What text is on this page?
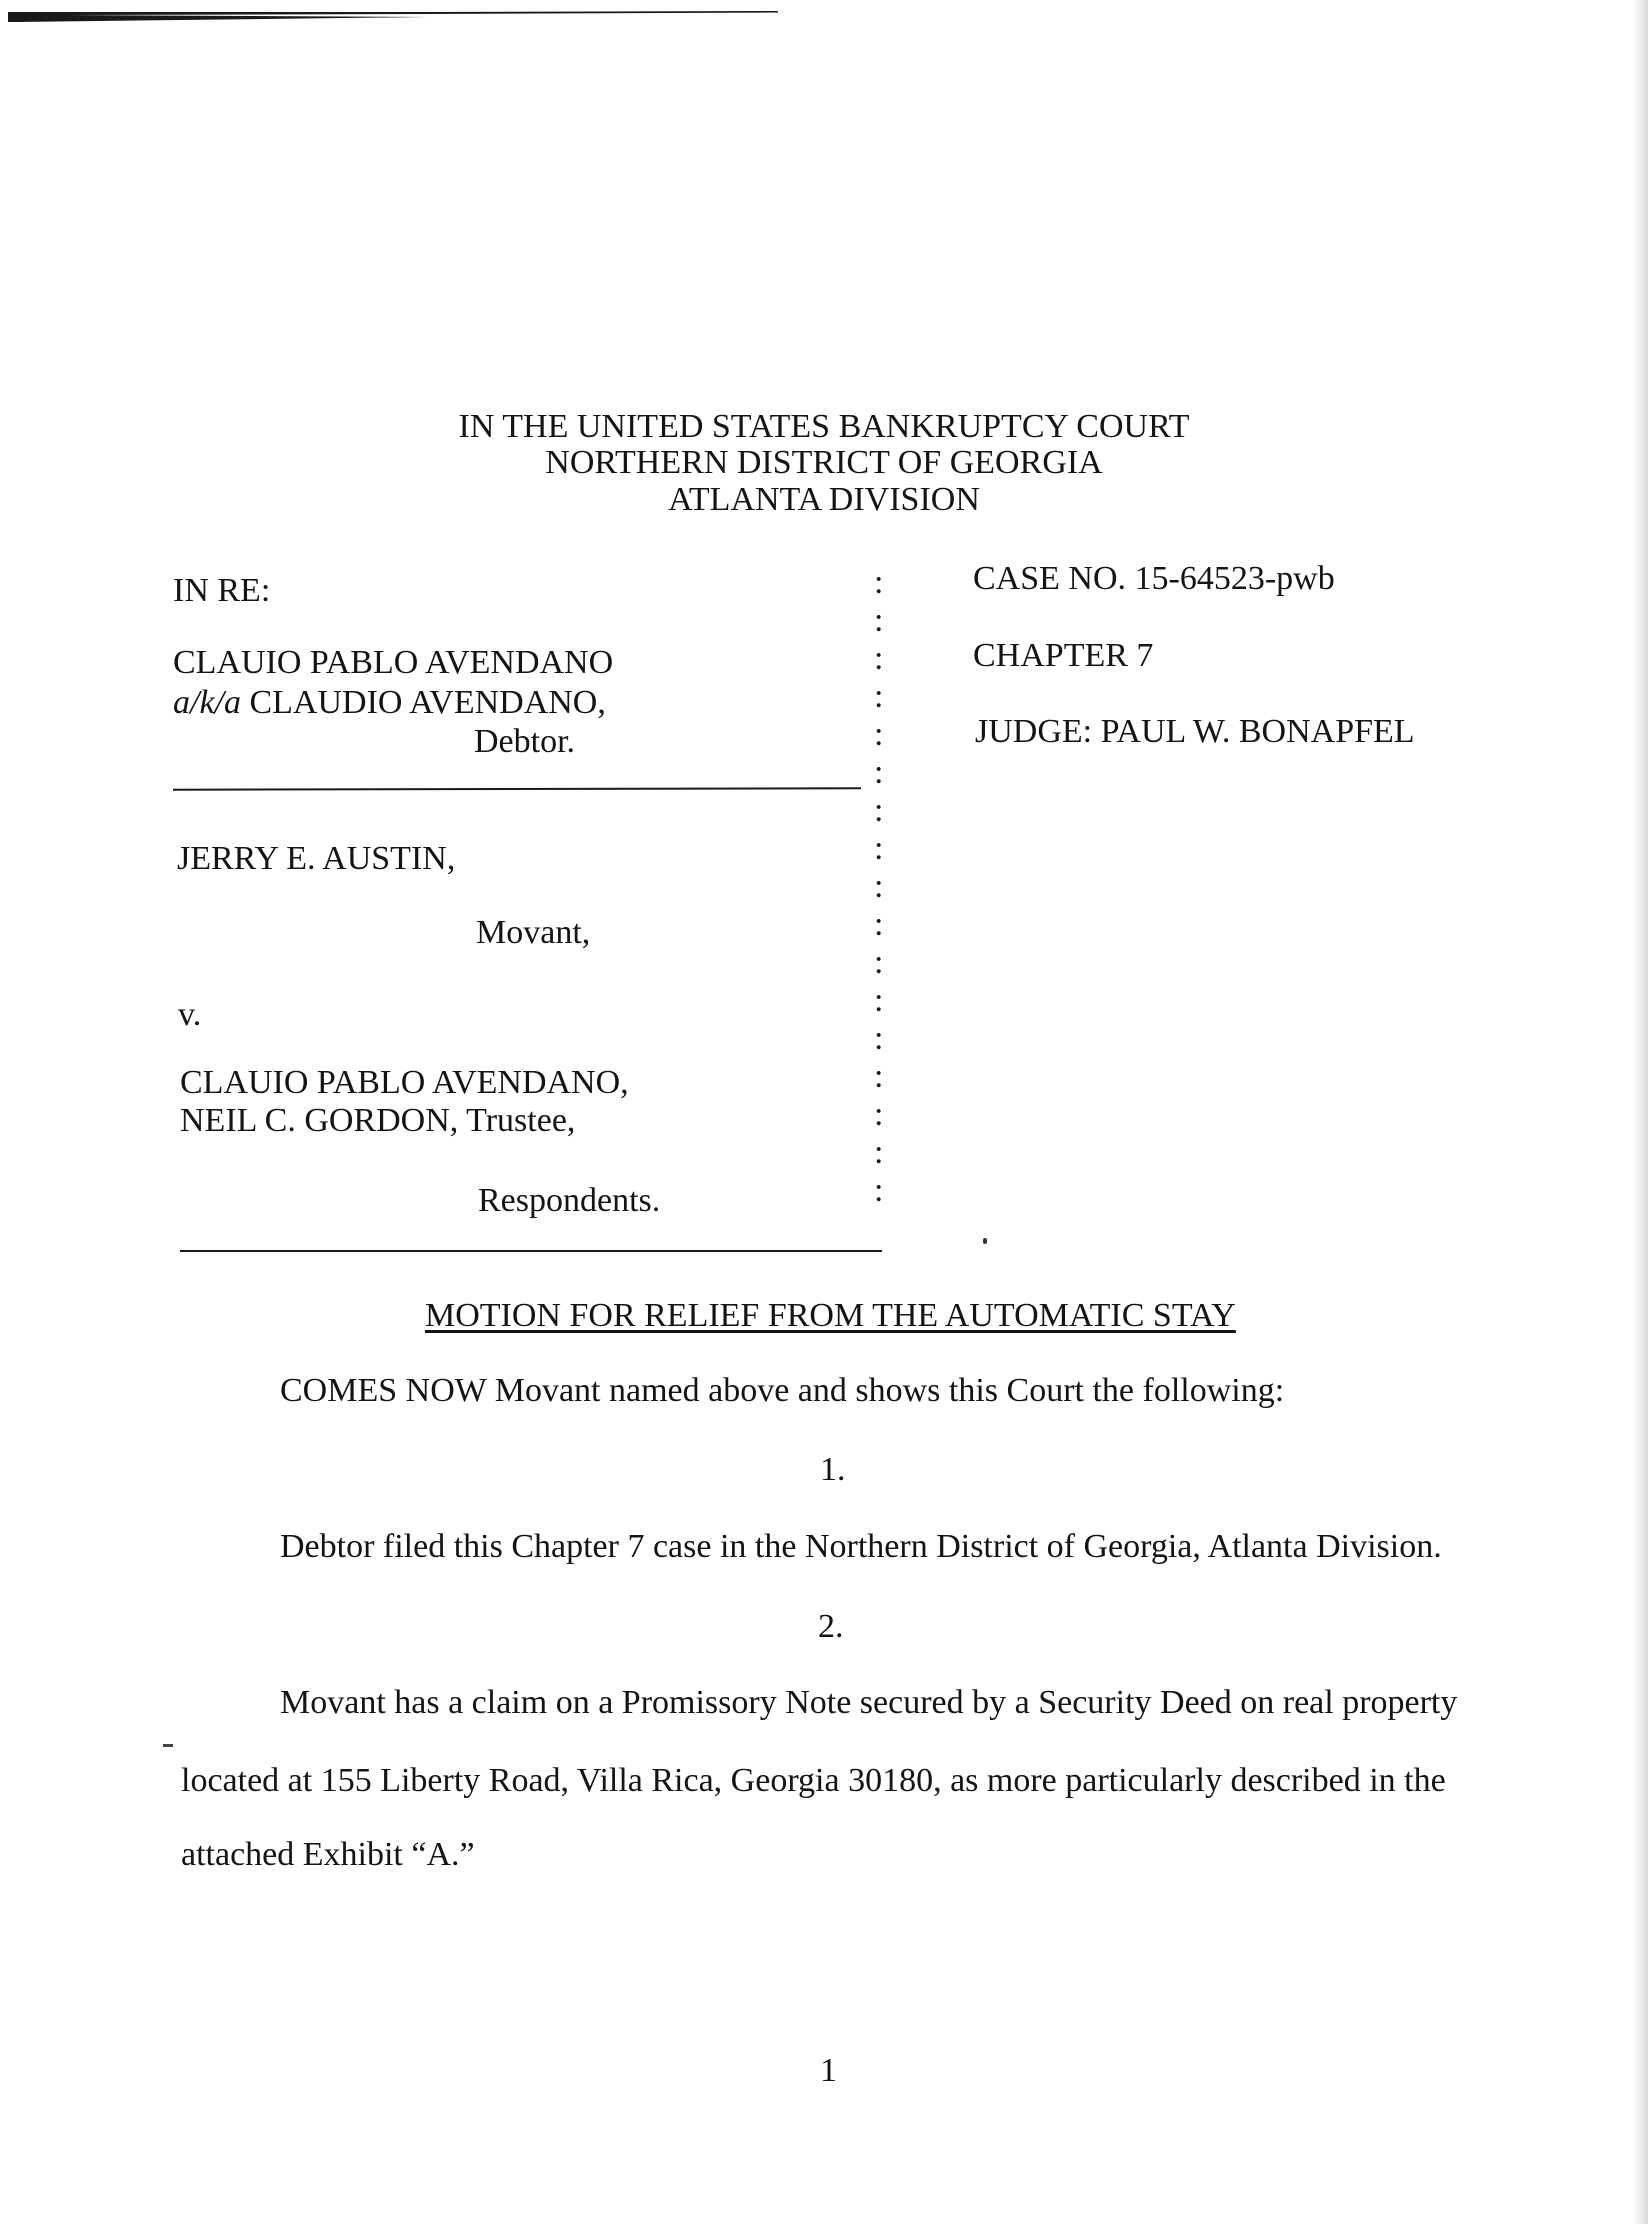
IN THE UNITED STATES BANKRUPTCY COURT
NORTHERN DISTRICT OF GEORGIA
ATLANTA DIVISION
IN RE:
CLAUIO PABLO AVENDANO
a/k/a CLAUDIO AVENDANO,
Debtor.
JERRY E. AUSTIN,
Movant,
v.
CLAUIO PABLO AVENDANO,
NEIL C. GORDON, Trustee,
Respondents.
:
:
:
:
:
:
:
:
:
:
:
:
:
:
:
:
:
CASE NO. 15-64523-pwb
CHAPTER 7
JUDGE: PAUL W. BONAPFEL
MOTION FOR RELIEF FROM THE AUTOMATIC STAY
COMES NOW Movant named above and shows this Court the following:
1.
Debtor filed this Chapter 7 case in the Northern District of Georgia, Atlanta Division.
2.
Movant has a claim on a Promissory Note secured by a Security Deed on real property
located at 155 Liberty Road, Villa Rica, Georgia 30180, as more particularly described in the
attached Exhibit “A.”
1
